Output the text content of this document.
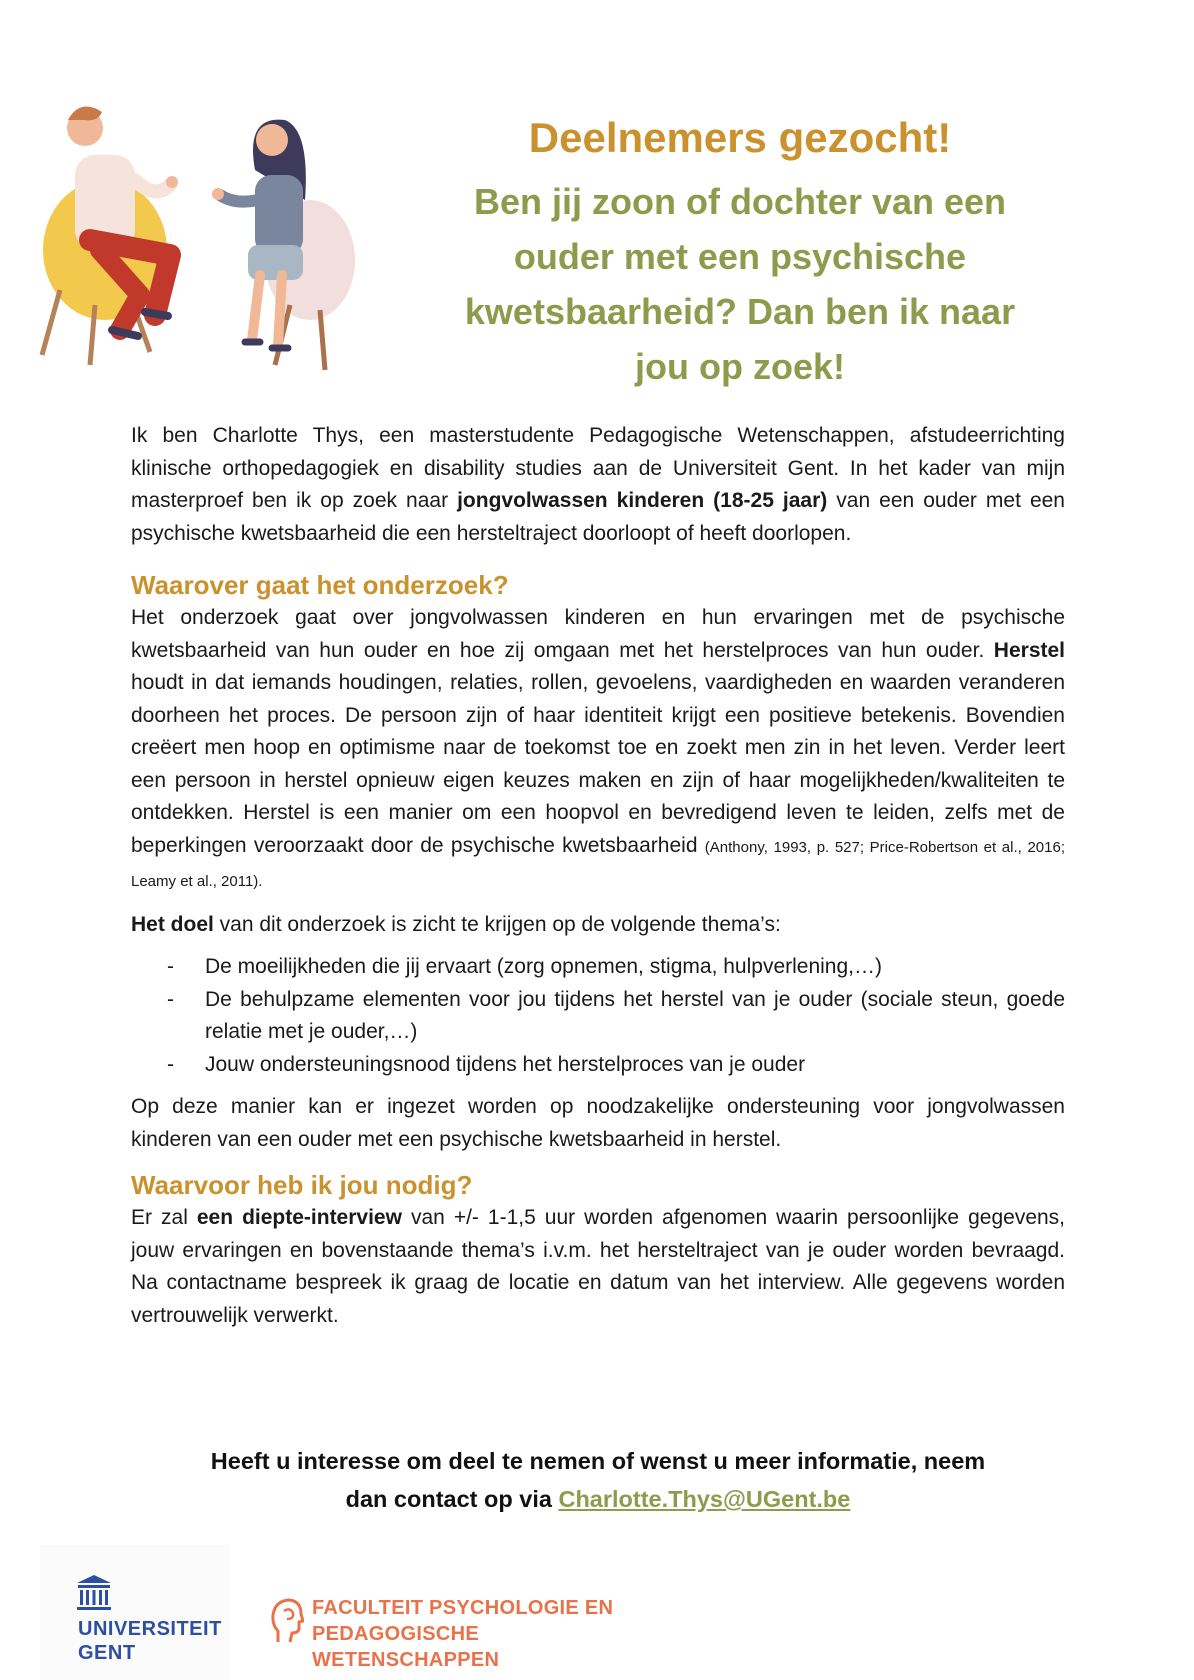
Deelnemers gezocht!
Ben jij zoon of dochter van een
ouder met een psychische
kwetsbaarheid? Dan ben ik naar
jou op zoek!

Ik ben Charlotte Thys, een masterstudente Pedagogische Wetenschappen, afstudeerrichting klinische orthopedagogiek en disability studies aan de Universiteit Gent. In het kader van mijn masterproef ben ik op zoek naar jongvolwassen kinderen (18-25 jaar) van een ouder met een psychische kwetsbaarheid die een hersteltraject doorloopt of heeft doorlopen.

Waarover gaat het onderzoek?

Het onderzoek gaat over jongvolwassen kinderen en hun ervaringen met de psychische kwetsbaarheid van hun ouder en hoe zij omgaan met het herstelproces van hun ouder. Herstel houdt in dat iemands houdingen, relaties, rollen, gevoelens, vaardigheden en waarden veranderen doorheen het proces. De persoon zijn of haar identiteit krijgt een positieve betekenis. Bovendien creëert men hoop en optimisme naar de toekomst toe en zoekt men zin in het leven. Verder leert een persoon in herstel opnieuw eigen keuzes maken en zijn of haar mogelijkheden/kwaliteiten te ontdekken. Herstel is een manier om een hoopvol en bevredigend leven te leiden, zelfs met de beperkingen veroorzaakt door de psychische kwetsbaarheid (Anthony, 1993, p. 527; Price-Robertson et al., 2016; Leamy et al., 2011).

Het doel van dit onderzoek is zicht te krijgen op de volgende thema’s:

- De moeilijkheden die jij ervaart (zorg opnemen, stigma, hulpverlening,…)
- De behulpzame elementen voor jou tijdens het herstel van je ouder (sociale steun, goede relatie met je ouder,…)
- Jouw ondersteuningsnood tijdens het herstelproces van je ouder

Op deze manier kan er ingezet worden op noodzakelijke ondersteuning voor jongvolwassen kinderen van een ouder met een psychische kwetsbaarheid in herstel.

Waarvoor heb ik jou nodig?

Er zal een diepte-interview van +/- 1-1,5 uur worden afgenomen waarin persoonlijke gegevens, jouw ervaringen en bovenstaande thema’s i.v.m. het hersteltraject van je ouder worden bevraagd. Na contactname bespreek ik graag de locatie en datum van het interview. Alle gegevens worden vertrouwelijk verwerkt.

Heeft u interesse om deel te nemen of wenst u meer informatie, neem
dan contact op via Charlotte.Thys@UGent.be
UNIVERSITEIT
GENT
FACULTEIT PSYCHOLOGIE EN
PEDAGOGISCHE WETENSCHAPPEN
